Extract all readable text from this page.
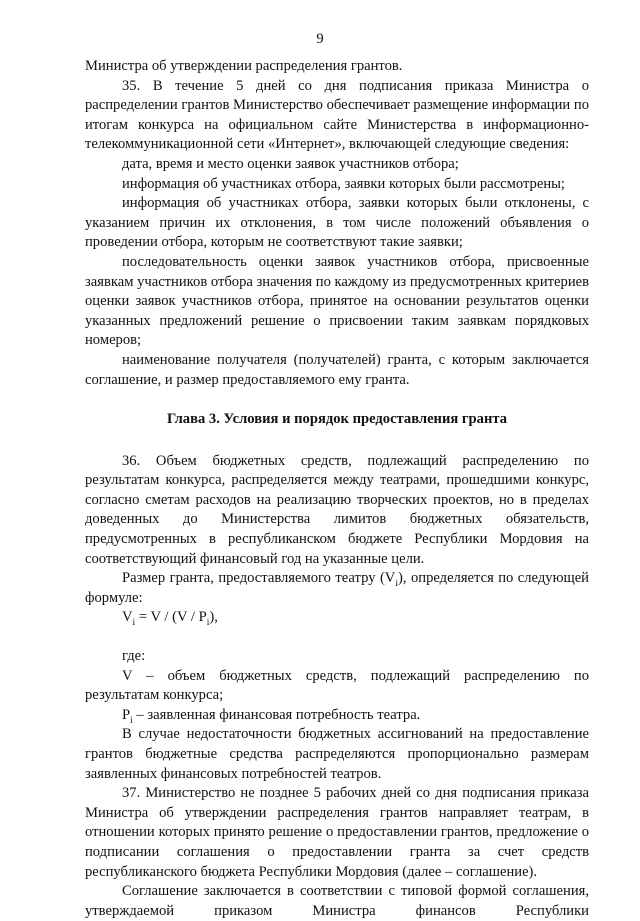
9

Министра об утверждении распределения грантов.

35. В течение 5 дней со дня подписания приказа Министра о распределении грантов Министерство обеспечивает размещение информации по итогам конкурса на официальном сайте Министерства в информационно-телекоммуникационной сети «Интернет», включающей следующие сведения:

дата, время и место оценки заявок участников отбора;

информация об участниках отбора, заявки которых были рассмотрены;

информация об участниках отбора, заявки которых были отклонены, с указанием причин их отклонения, в том числе положений объявления о проведении отбора, которым не соответствуют такие заявки;

последовательность оценки заявок участников отбора, присвоенные заявкам участников отбора значения по каждому из предусмотренных критериев оценки заявок участников отбора, принятое на основании результатов оценки указанных предложений решение о присвоении таким заявкам порядковых номеров;

наименование получателя (получателей) гранта, с которым заключается соглашение, и размер предоставляемого ему гранта.

Глава 3. Условия и порядок предоставления гранта

36. Объем бюджетных средств, подлежащий распределению по результатам конкурса, распределяется между театрами, прошедшими конкурс, согласно сметам расходов на реализацию творческих проектов, но в пределах доведенных до Министерства лимитов бюджетных обязательств, предусмотренных в республиканском бюджете Республики Мордовия на соответствующий финансовый год на указанные цели.

Размер гранта, предоставляемого театру $(V_i)$, определяется по следующей формуле:

$V_i = V / (V / P_i)$,

где:

V – объем бюджетных средств, подлежащий распределению по результатам конкурса;

$P_i$ – заявленная финансовая потребность театра.

В случае недостаточности бюджетных ассигнований на предоставление грантов бюджетные средства распределяются пропорционально размерам заявленных финансовых потребностей театров.

37. Министерство не позднее 5 рабочих дней со дня подписания приказа Министра об утверждении распределения грантов направляет театрам, в отношении которых принято решение о предоставлении грантов, предложение о подписании соглашения о предоставлении гранта за счет средств республиканского бюджета Республики Мордовия (далее – соглашение).

Соглашение заключается в соответствии с типовой формой соглашения, утверждаемой приказом Министра финансов Республики
